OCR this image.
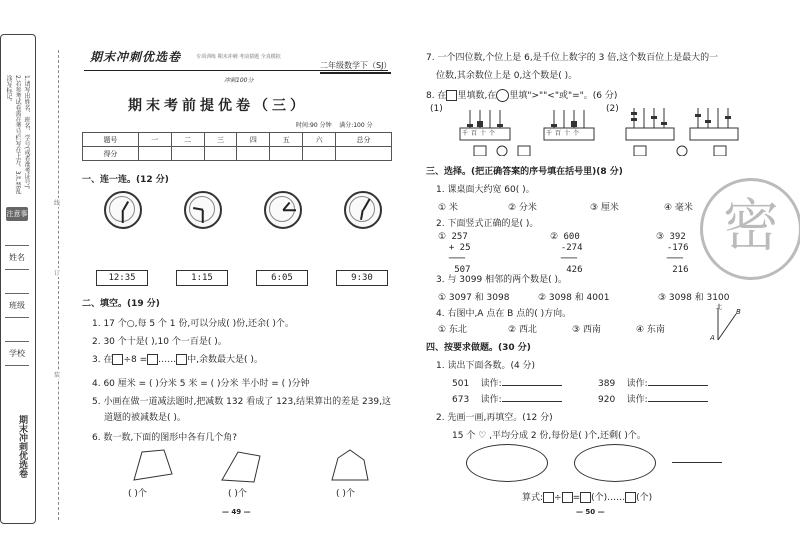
1.请写出姓名、班名、学号(或者准考证号)。2.若参考试卷需在考号栏写在上方。3.严禁乱涂写标记。
注意事项
姓名
班级
学校
期末冲刺优选卷
线
订
装
期末冲刺优选卷	专项训练 期末冲刺 考前猜题 全真模拟
二年级数学下（SJ）
冲刺100分
期末考前提优卷（三）
时间:90 分钟 满分:100 分
题号	一	二	三	四	五	六	总分
得分							
一、连一连。(12 分)
12:35	1:15	6:05	9:30
二、填空。(19 分)
1. 17 个○,每 5 个 1 份,可以分成( )份,还余( )个。
2. 30 个十是( ),10 个一百是( )。
3. 在 ÷8 = …… 中,余数最大是( )。
4. 60 厘米 = ( )分米 5 米 = ( )分米 半小时 = ( )分钟
5. 小画在做一道减法题时,把减数 132 看成了 123,结果算出的差是 239,这
道题的被减数是( )。
6. 数一数,下面的图形中各有几个角?
( )个	( )个	( )个
— 49 —
7. 一个四位数,个位上是 6,是千位上数字的 3 倍,这个数百位上是最大的一
位数,其余数位上是 0,这个数是( )。
8. 在 里填数,在 里填">""<"或"="。(6 分)
(1)	(2)
千百十个	千百十个
三、选择。(把正确答案的序号填在括号里)(8 分)
1. 课桌面大约宽 60( )。
① 米	② 分米	③ 厘米	④ 毫米
2. 下面竖式正确的是( )。
① 257
+ 25
───
507
② 600
-274
───
426
③ 392
-176
───
216
3. 与 3099 相邻的两个数是( )。
① 3097 和 3098	② 3098 和 4001	③ 3098 和 3100
4. 右图中,A 点在 B 点的( )方向。
① 东北	② 西北	③ 西南	④ 东南
北
A
B
四、按要求做题。(30 分)
1. 读出下面各数。(4 分)
501 读作:	389 读作:
673 读作:	920 读作:
2. 先画一画,再填空。(12 分)
15 个 ♡ ,平均分成 2 份,每份是( )个,还剩( )个。
算式: ÷ = (个)…… (个)
— 50 —
密
